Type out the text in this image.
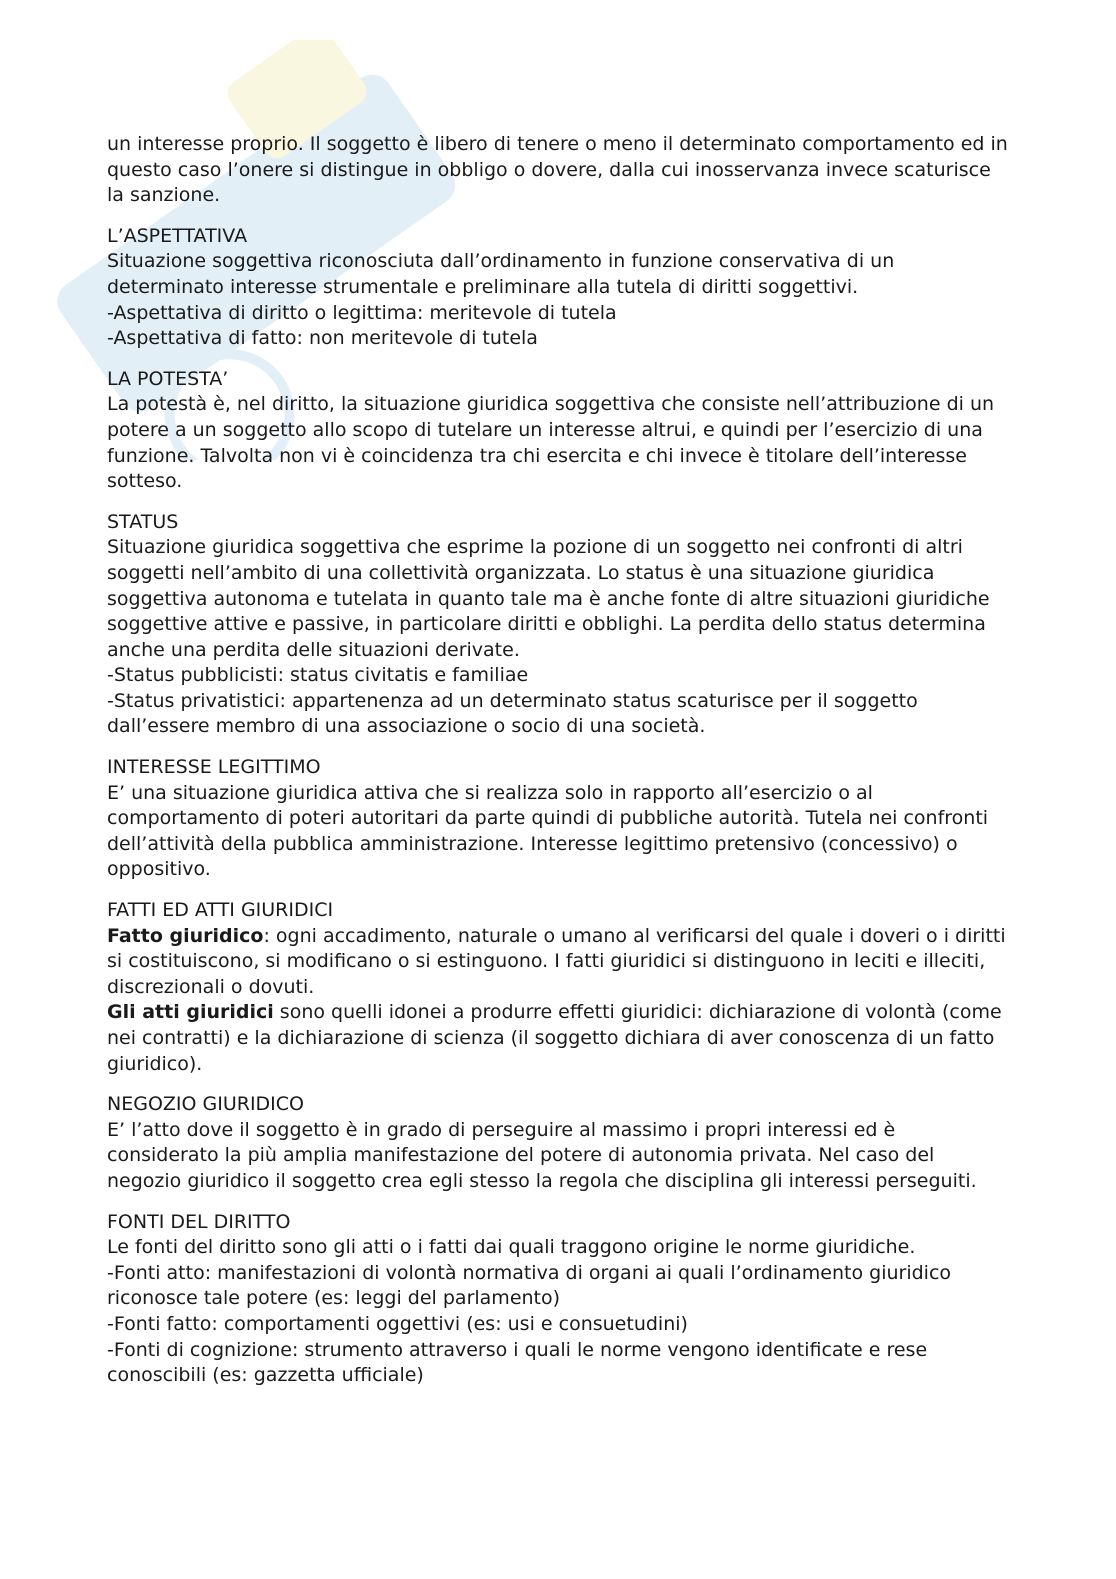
un interesse proprio. Il soggetto è libero di tenere o meno il determinato comportamento ed in questo caso l’onere si distingue in obbligo o dovere, dalla cui inosservanza invece scaturisce la sanzione.

L’ASPETTATIVA

Situazione soggettiva riconosciuta dall’ordinamento in funzione conservativa di un determinato interesse strumentale e preliminare alla tutela di diritti soggettivi.

-Aspettativa di diritto o legittima: meritevole di tutela

-Aspettativa di fatto: non meritevole di tutela

LA POTESTA’

La potestà è, nel diritto, la situazione giuridica soggettiva che consiste nell’attribuzione di un potere a un soggetto allo scopo di tutelare un interesse altrui, e quindi per l’esercizio di una funzione. Talvolta non vi è coincidenza tra chi esercita e chi invece è titolare dell’interesse sotteso.

STATUS

Situazione giuridica soggettiva che esprime la pozione di un soggetto nei confronti di altri soggetti nell’ambito di una collettività organizzata. Lo status è una situazione giuridica soggettiva autonoma e tutelata in quanto tale ma è anche fonte di altre situazioni giuridiche soggettive attive e passive, in particolare diritti e obblighi. La perdita dello status determina anche una perdita delle situazioni derivate.

-Status pubblicisti: status civitatis e familiae

-Status privatistici: appartenenza ad un determinato status scaturisce per il soggetto dall’essere membro di una associazione o socio di una società.

INTERESSE LEGITTIMO

E’ una situazione giuridica attiva che si realizza solo in rapporto all’esercizio o al comportamento di poteri autoritari da parte quindi di pubbliche autorità. Tutela nei confronti dell’attività della pubblica amministrazione. Interesse legittimo pretensivo (concessivo) o oppositivo.

FATTI ED ATTI GIURIDICI

Fatto giuridico: ogni accadimento, naturale o umano al verificarsi del quale i doveri o i diritti si costituiscono, si modificano o si estinguono. I fatti giuridici si distinguono in leciti e illeciti, discrezionali o dovuti.

Gli atti giuridici sono quelli idonei a produrre effetti giuridici: dichiarazione di volontà (come nei contratti) e la dichiarazione di scienza (il soggetto dichiara di aver conoscenza di un fatto giuridico).

NEGOZIO GIURIDICO

E’ l’atto dove il soggetto è in grado di perseguire al massimo i propri interessi ed è considerato la più amplia manifestazione del potere di autonomia privata. Nel caso del negozio giuridico il soggetto crea egli stesso la regola che disciplina gli interessi perseguiti.

FONTI DEL DIRITTO

Le fonti del diritto sono gli atti o i fatti dai quali traggono origine le norme giuridiche.

-Fonti atto: manifestazioni di volontà normativa di organi ai quali l’ordinamento giuridico riconosce tale potere (es: leggi del parlamento)

-Fonti fatto: comportamenti oggettivi (es: usi e consuetudini)

-Fonti di cognizione: strumento attraverso i quali le norme vengono identificate e rese conoscibili (es: gazzetta ufficiale)
